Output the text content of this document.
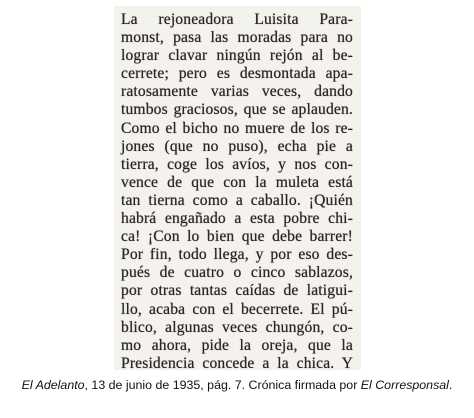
La rejoneadora Luisita Para-
monst, pasa las moradas para no
lograr clavar ningún rejón al be-
cerrete; pero es desmontada apa-
ratosamente varias veces, dando
tumbos graciosos, que se aplauden.
Como el bicho no muere de los re-
jones (que no puso), echa pie a
tierra, coge los avíos, y nos con-
vence de que con la muleta está
tan tierna como a caballo. ¡Quién
habrá engañado a esta pobre chi-
ca! ¡Con lo bien que debe barrer!
Por fin, todo llega, y por eso des-
pués de cuatro o cinco sablazos,
por otras tantas caídas de latigui-
llo, acaba con el becerrete. El pú-
blico, algunas veces chungón, co-
mo ahora, pide la oreja, que la
Presidencia concede a la chica. Y
El Adelanto, 13 de junio de 1935, pág. 7. Crónica firmada por El Corresponsal.
